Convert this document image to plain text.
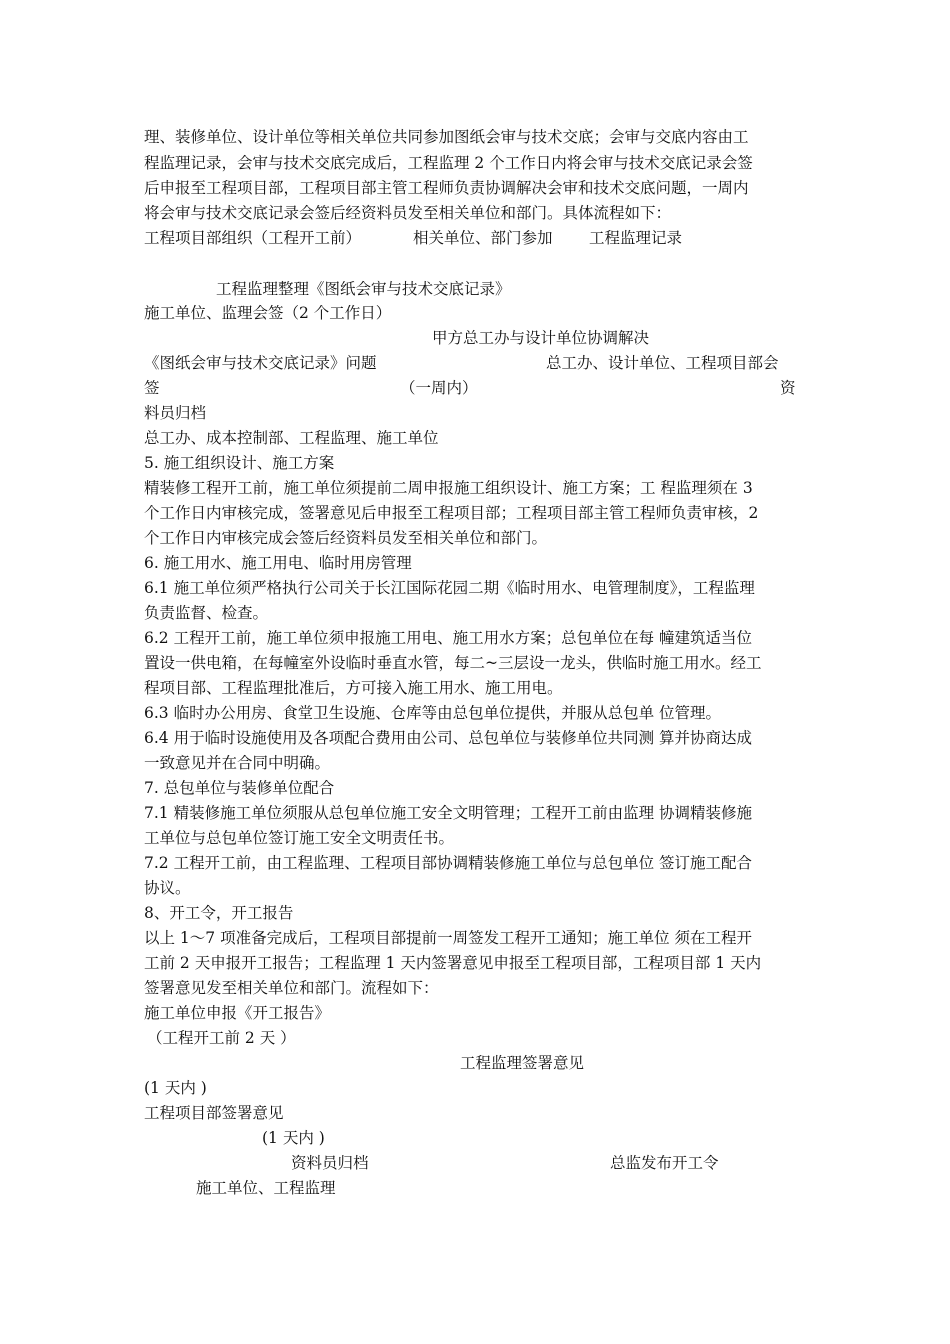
理、装修单位、设计单位等相关单位共同参加图纸会审与技术交底；会审与交底内容由工
程监理记录，会审与技术交底完成后，工程监理 2 个工作日内将会审与技术交底记录会签
后申报至工程项目部，工程项目部主管工程师负责协调解决会审和技术交底问题，一周内
将会审与技术交底记录会签后经资料员发至相关单位和部门。具体流程如下：
工程项目部组织（工程开工前）	相关单位、部门参加 工程监理记录
工程监理整理《图纸会审与技术交底记录》
施工单位、监理会签（2 个工作日）
甲方总工办与设计单位协调解决
《图纸会审与技术交底记录》问题	总工办、设计单位、工程项目部会
签	（一周内）	资
料员归档
总工办、成本控制部、工程监理、施工单位
5. 施工组织设计、施工方案
精装修工程开工前，施工单位须提前二周申报施工组织设计、施工方案；工 程监理须在 3
个工作日内审核完成，签署意见后申报至工程项目部；工程项目部主管工程师负责审核，2
个工作日内审核完成会签后经资料员发至相关单位和部门。
6. 施工用水、施工用电、临时用房管理
6.1 施工单位须严格执行公司关于长江国际花园二期《临时用水、电管理制度》，工程监理
负责监督、检查。
6.2 工程开工前，施工单位须申报施工用电、施工用水方案；总包单位在每 幢建筑适当位
置设一供电箱，在每幢室外设临时垂直水管，每二~三层设一龙头，供临时施工用水。经工
程项目部、工程监理批准后，方可接入施工用水、施工用电。
6.3 临时办公用房、食堂卫生设施、仓库等由总包单位提供，并服从总包单 位管理。
6.4 用于临时设施使用及各项配合费用由公司、总包单位与装修单位共同测 算并协商达成
一致意见并在合同中明确。
7. 总包单位与装修单位配合
7.1 精装修施工单位须服从总包单位施工安全文明管理；工程开工前由监理 协调精装修施
工单位与总包单位签订施工安全文明责任书。
7.2 工程开工前，由工程监理、工程项目部协调精装修施工单位与总包单位 签订施工配合
协议。
8、开工令，开工报告
以上 1～7 项准备完成后，工程项目部提前一周签发工程开工通知；施工单位 须在工程开
工前 2 天申报开工报告；工程监理 1 天内签署意见申报至工程项目部，工程项目部 1 天内
签署意见发至相关单位和部门。流程如下：
施工单位申报《开工报告》
（工程开工前 2 天 ）
工程监理签署意见
(1 天内 )
工程项目部签署意见
(1 天内 )
资料员归档	总监发布开工令
施工单位、工程监理
